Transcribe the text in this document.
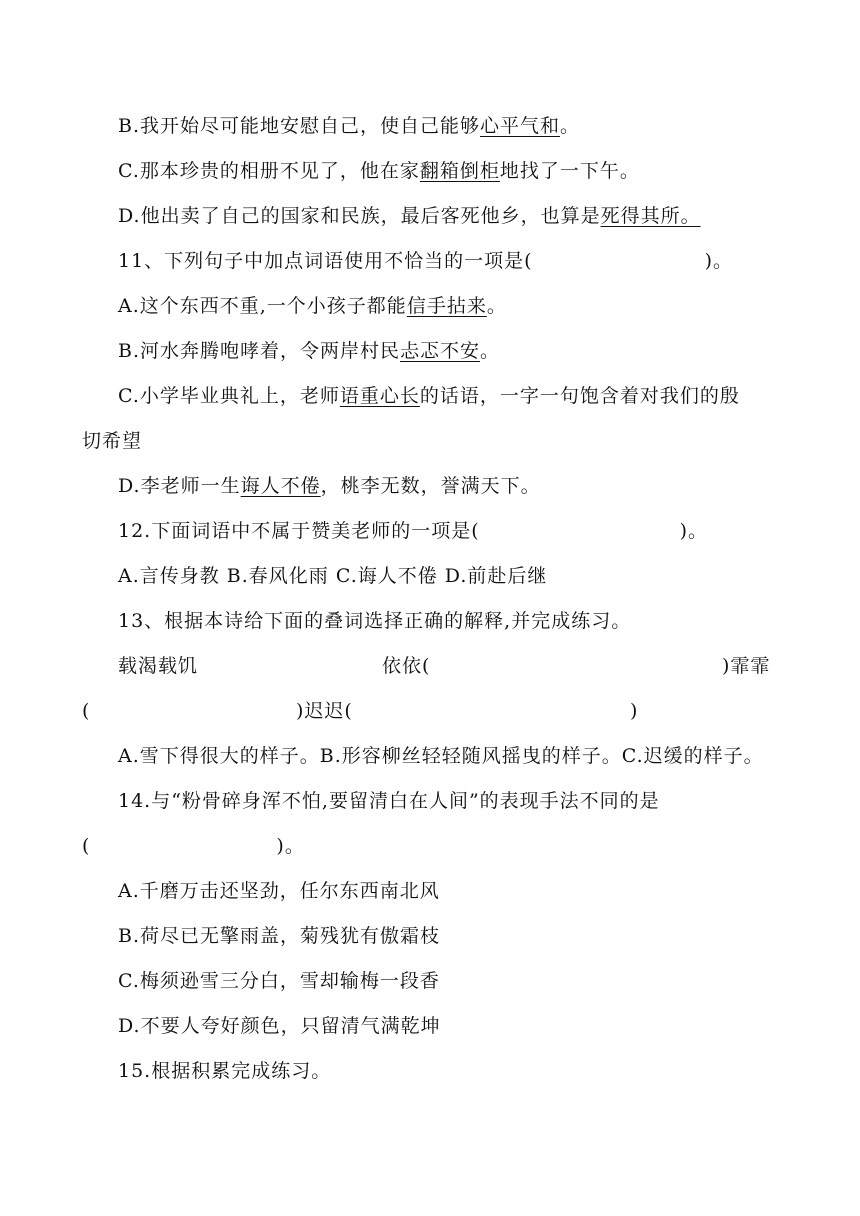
B.我开始尽可能地安慰自己，使自己能够心平气和。
C.那本珍贵的相册不见了，他在家翻箱倒柜地找了一下午。
D.他出卖了自己的国家和民族，最后客死他乡，也算是死得其所。
11、下列句子中加点词语使用不恰当的一项是(	)。
A.这个东西不重,一个小孩子都能信手拈来。
B.河水奔腾咆哮着，令两岸村民忐忑不安。
C.小学毕业典礼上，老师语重心长的话语，一字一句饱含着对我们的殷
切希望
D.李老师一生诲人不倦，桃李无数，誉满天下。
12.下面词语中不属于赞美老师的一项是(	)。
A.言传身教 B.春风化雨 C.诲人不倦 D.前赴后继
13、根据本诗给下面的叠词选择正确的解释,并完成练习。
载渴载饥	依依(	)霏霏
(	)迟迟(	)
A.雪下得很大的样子。B.形容柳丝轻轻随风摇曳的样子。C.迟缓的样子。
14.与“粉骨碎身浑不怕,要留清白在人间”的表现手法不同的是
(	)。
A.千磨万击还坚劲，任尔东西南北风
B.荷尽已无擎雨盖，菊残犹有傲霜枝
C.梅须逊雪三分白，雪却输梅一段香
D.不要人夸好颜色，只留清气满乾坤
15.根据积累完成练习。
